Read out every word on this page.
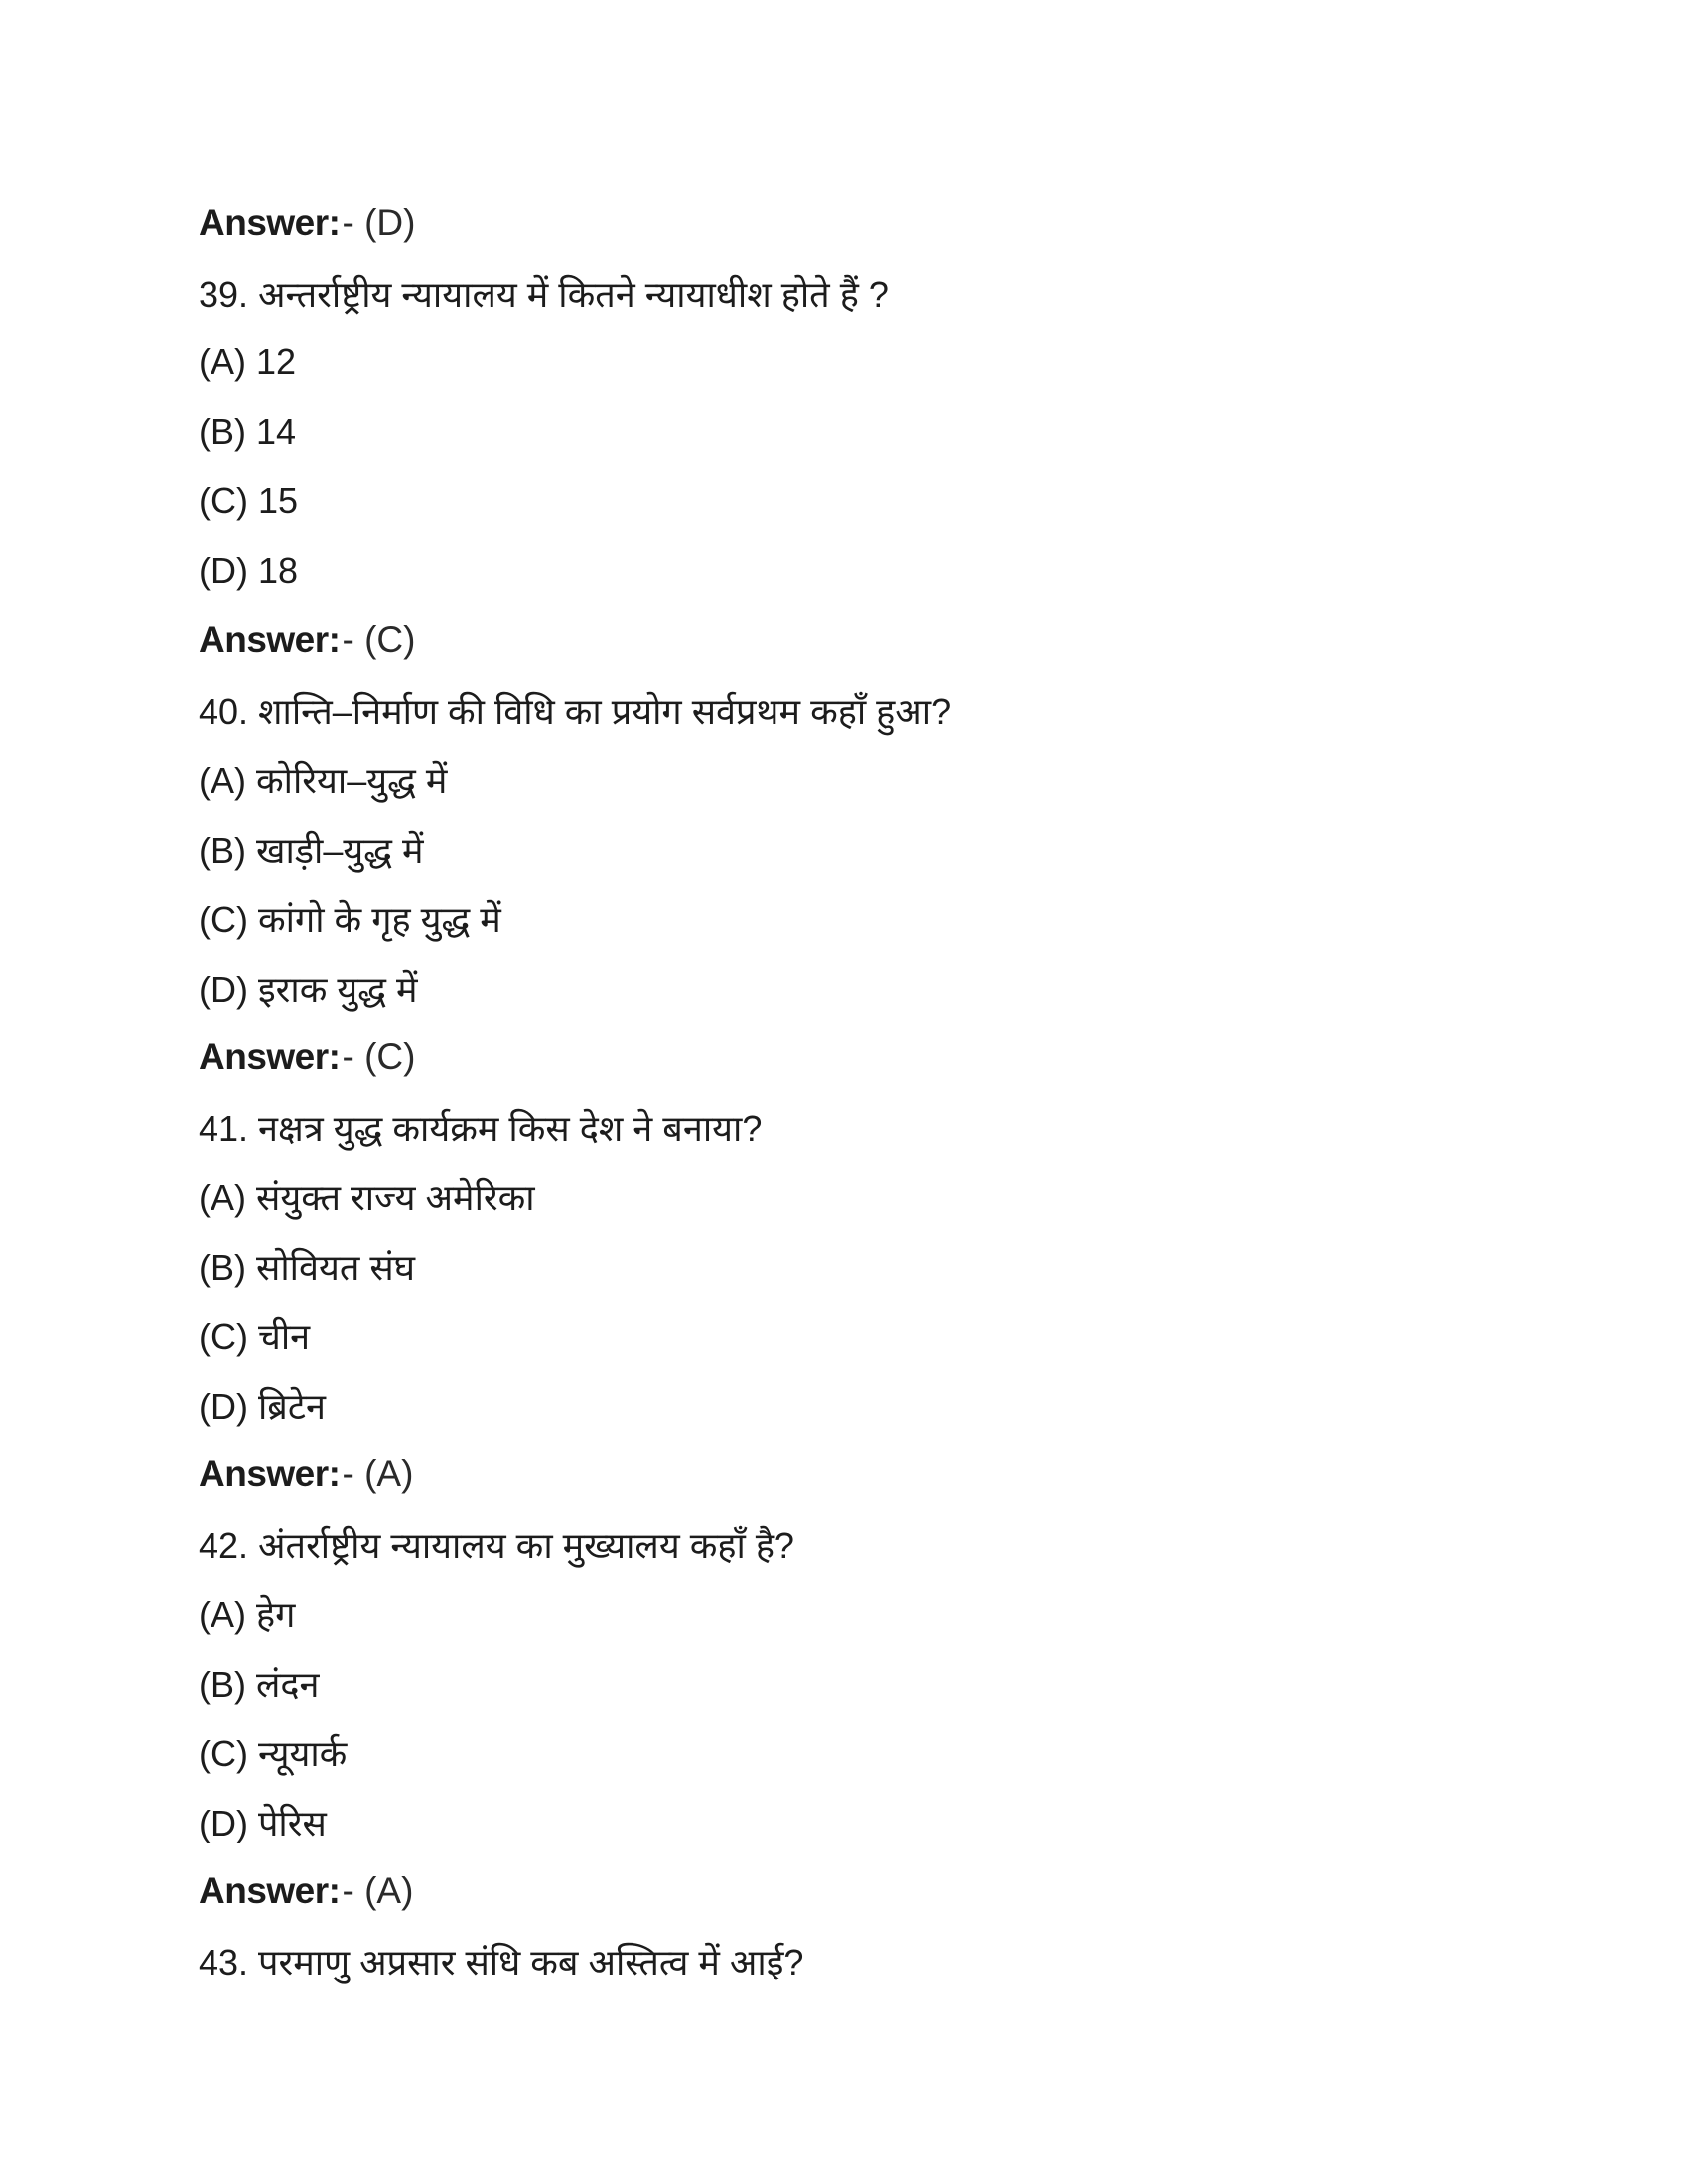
Answer: - (D)
39. अन्तर्राष्ट्रीय न्यायालय में कितने न्यायाधीश होते हैं ?
(A) 12
(B) 14
(C) 15
(D) 18
Answer: - (C)
40. शान्ति–निर्माण की विधि का प्रयोग सर्वप्रथम कहाँ हुआ?
(A) कोरिया–युद्ध में
(B) खाड़ी–युद्ध में
(C) कांगो के गृह युद्ध में
(D) इराक युद्ध में
Answer: - (C)
41. नक्षत्र युद्ध कार्यक्रम किस देश ने बनाया?
(A) संयुक्त राज्य अमेरिका
(B) सोवियत संघ
(C) चीन
(D) ब्रिटेन
Answer: - (A)
42. अंतर्राष्ट्रीय न्यायालय का मुख्यालय कहाँ है?
(A) हेग
(B) लंदन
(C) न्यूयार्क
(D) पेरिस
Answer: - (A)
43. परमाणु अप्रसार संधि कब अस्तित्व में आई?
